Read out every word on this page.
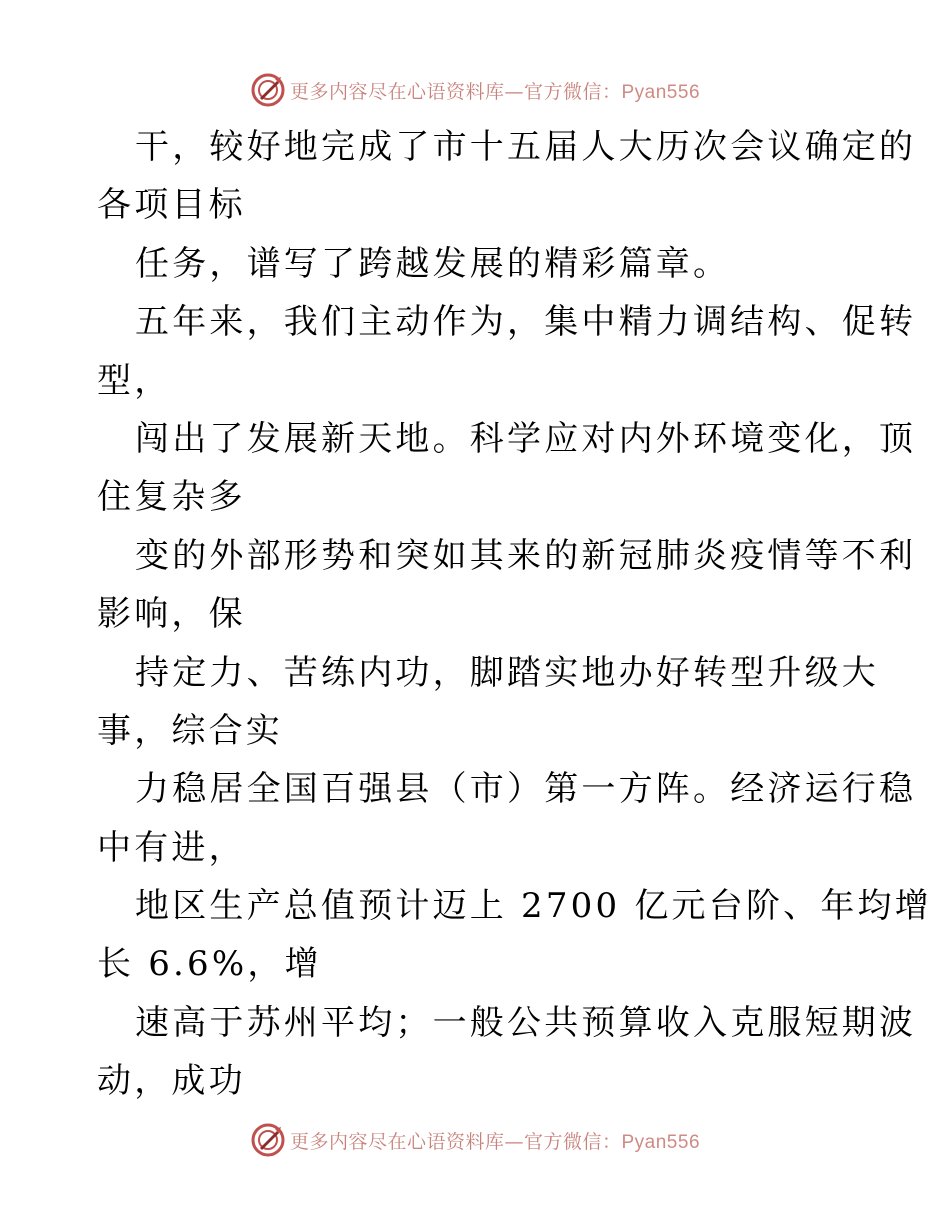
更多内容尽在心语资料库—官方微信：Pyan556
干，较好地完成了市十五届人大历次会议确定的
各项目标
任务，谱写了跨越发展的精彩篇章。
五年来，我们主动作为，集中精力调结构、促转
型，
闯出了发展新天地。科学应对内外环境变化，顶
住复杂多
变的外部形势和突如其来的新冠肺炎疫情等不利
影响，保
持定力、苦练内功，脚踏实地办好转型升级大
事，综合实
力稳居全国百强县（市）第一方阵。经济运行稳
中有进，
地区生产总值预计迈上 2700 亿元台阶、年均增
长 6.6%，增
速高于苏州平均；一般公共预算收入克服短期波
动，成功
更多内容尽在心语资料库—官方微信：Pyan556
